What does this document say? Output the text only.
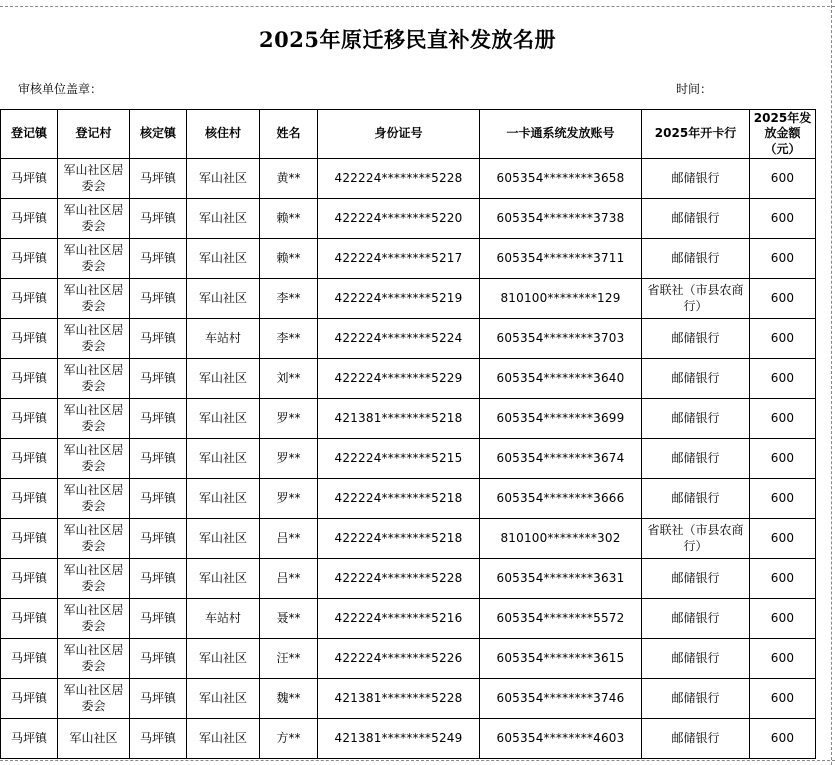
2025年原迁移民直补发放名册
审核单位盖章：	时间：
登记镇	登记村	核定镇	核住村	姓名	身份证号	一卡通系统发放账号	2025年开卡行	2025年发放金额（元）
马坪镇	军山社区居委会	马坪镇	军山社区	黄**	422224********5228	605354********3658	邮储银行	600
马坪镇	军山社区居委会	马坪镇	军山社区	赖**	422224********5220	605354********3738	邮储银行	600
马坪镇	军山社区居委会	马坪镇	军山社区	赖**	422224********5217	605354********3711	邮储银行	600
马坪镇	军山社区居委会	马坪镇	军山社区	李**	422224********5219	810100********129	省联社（市县农商行）	600
马坪镇	军山社区居委会	马坪镇	车站村	李**	422224********5224	605354********3703	邮储银行	600
马坪镇	军山社区居委会	马坪镇	军山社区	刘**	422224********5229	605354********3640	邮储银行	600
马坪镇	军山社区居委会	马坪镇	军山社区	罗**	421381********5218	605354********3699	邮储银行	600
马坪镇	军山社区居委会	马坪镇	军山社区	罗**	422224********5215	605354********3674	邮储银行	600
马坪镇	军山社区居委会	马坪镇	军山社区	罗**	422224********5218	605354********3666	邮储银行	600
马坪镇	军山社区居委会	马坪镇	军山社区	吕**	422224********5218	810100********302	省联社（市县农商行）	600
马坪镇	军山社区居委会	马坪镇	军山社区	吕**	422224********5228	605354********3631	邮储银行	600
马坪镇	军山社区居委会	马坪镇	车站村	聂**	422224********5216	605354********5572	邮储银行	600
马坪镇	军山社区居委会	马坪镇	军山社区	汪**	422224********5226	605354********3615	邮储银行	600
马坪镇	军山社区居委会	马坪镇	军山社区	魏**	421381********5228	605354********3746	邮储银行	600
马坪镇	军山社区	马坪镇	军山社区	方**	421381********5249	605354********4603	邮储银行	600
